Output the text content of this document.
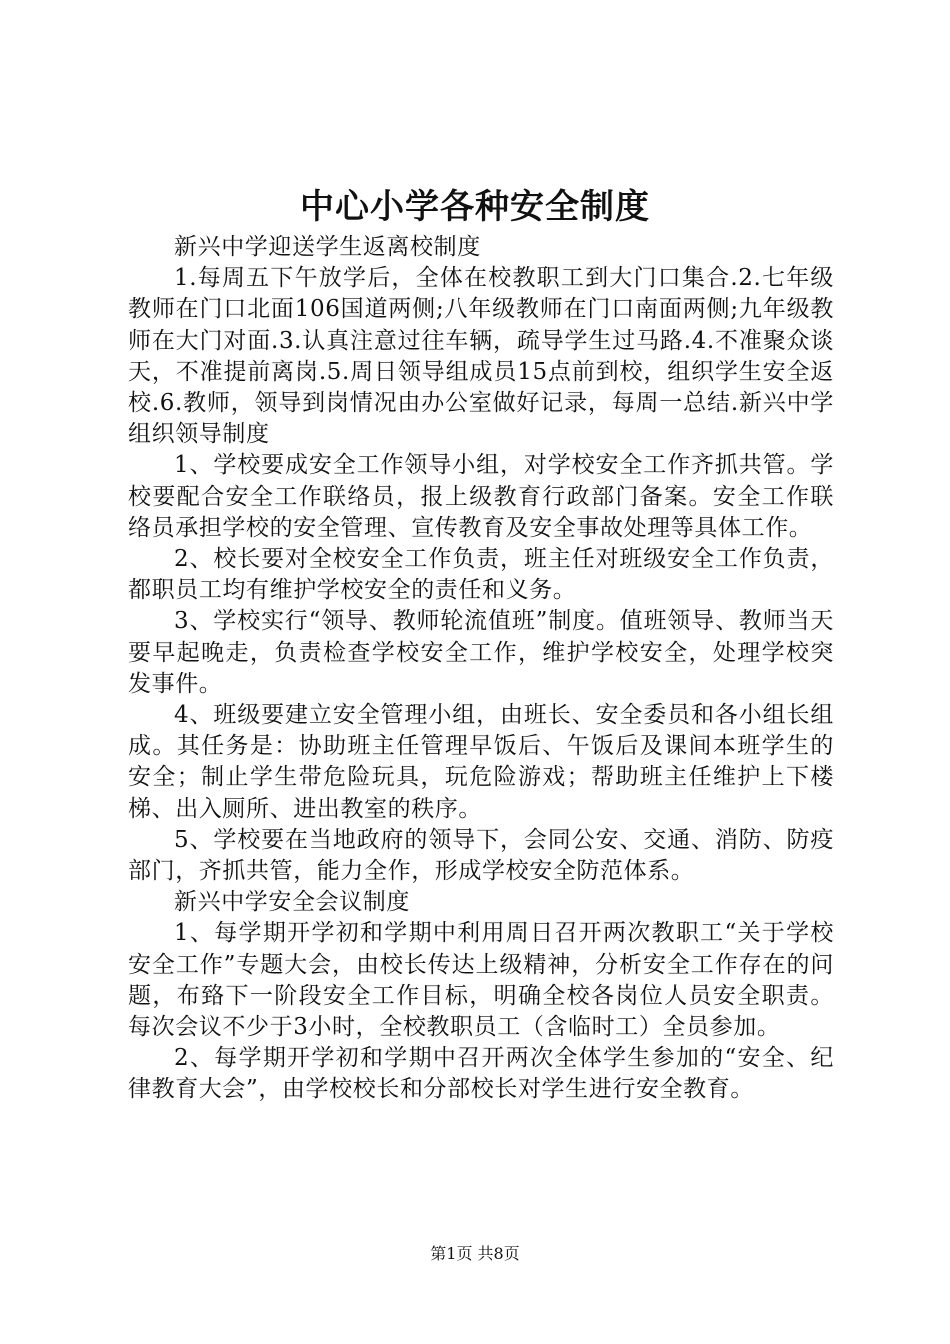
中心小学各种安全制度

新兴中学迎送学生返离校制度

1.每周五下午放学后，全体在校教职工到大门口集合.2.七年级教师在门口北面106国道两侧;八年级教师在门口南面两侧;九年级教师在大门对面.3.认真注意过往车辆，疏导学生过马路.4.不准聚众谈天，不准提前离岗.5.周日领导组成员15点前到校，组织学生安全返校.6.教师，领导到岗情况由办公室做好记录，每周一总结.新兴中学组织领导制度

1、学校要成安全工作领导小组，对学校安全工作齐抓共管。学校要配合安全工作联络员，报上级教育行政部门备案。安全工作联络员承担学校的安全管理、宣传教育及安全事故处理等具体工作。

2、校长要对全校安全工作负责，班主任对班级安全工作负责，都职员工均有维护学校安全的责任和义务。

3、学校实行“领导、教师轮流值班”制度。值班领导、教师当天要早起晚走，负责检查学校安全工作，维护学校安全，处理学校突发事件。

4、班级要建立安全管理小组，由班长、安全委员和各小组长组成。其任务是：协助班主任管理早饭后、午饭后及课间本班学生的安全；制止学生带危险玩具，玩危险游戏；帮助班主任维护上下楼梯、出入厕所、进出教室的秩序。

5、学校要在当地政府的领导下，会同公安、交通、消防、防疫部门，齐抓共管，能力全作，形成学校安全防范体系。

新兴中学安全会议制度

1、每学期开学初和学期中利用周日召开两次教职工“关于学校安全工作”专题大会，由校长传达上级精神，分析安全工作存在的问题，布臵下一阶段安全工作目标，明确全校各岗位人员安全职责。每次会议不少于3小时，全校教职员工（含临时工）全员参加。

2、每学期开学初和学期中召开两次全体学生参加的“安全、纪律教育大会”，由学校校长和分部校长对学生进行安全教育。

第1页 共8页
